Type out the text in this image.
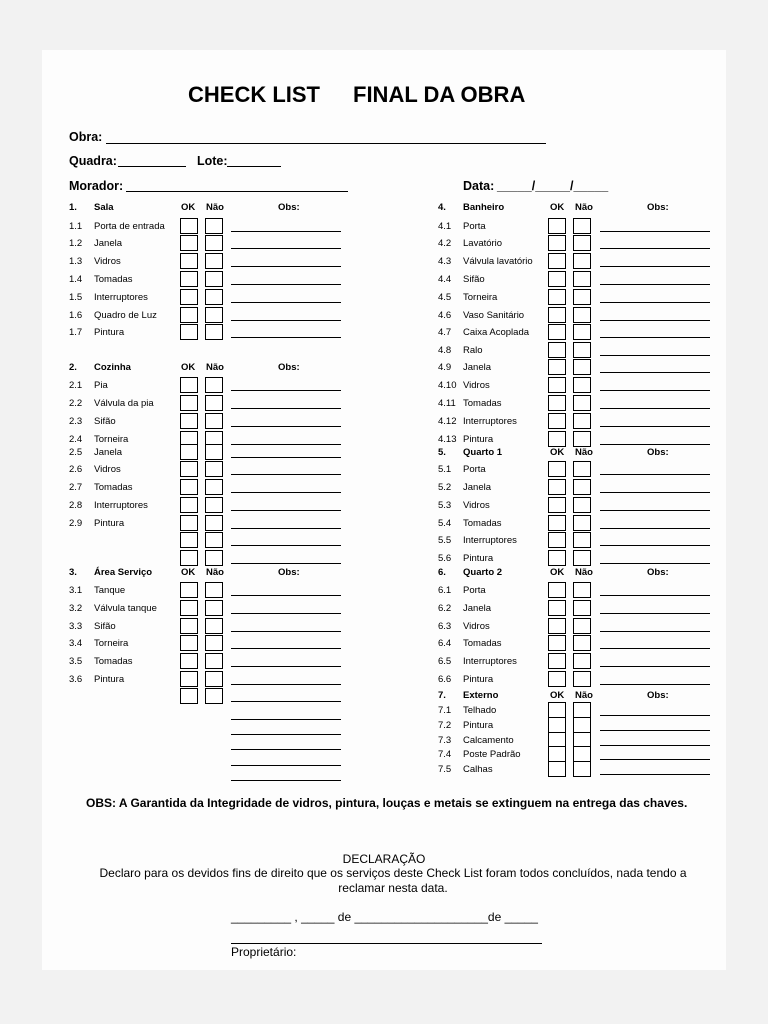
CHECK LIST FINAL DA OBRA
Obra:
Quadra:	Lote:
Morador:	Data: _____/_____/_____
1. Sala	OK Não	Obs:
1.1 Porta de entrada
1.2 Janela
1.3 Vidros
1.4 Tomadas
1.5 Interruptores
1.6 Quadro de Luz
1.7 Pintura
2. Cozinha	OK Não	Obs:
2.1 Pia
2.2 Válvula da pia
2.3 Sifão
2.4 Torneira
2.5 Janela
2.6 Vidros
2.7 Tomadas
2.8 Interruptores
2.9 Pintura
3. Área Serviço	OK Não	Obs:
3.1 Tanque
3.2 Válvula tanque
3.3 Sifão
3.4 Torneira
3.5 Tomadas
3.6 Pintura
4. Banheiro	OK Não	Obs:
4.1 Porta
4.2 Lavatório
4.3 Válvula lavatório
4.4 Sifão
4.5 Torneira
4.6 Vaso Sanitário
4.7 Caixa Acoplada
4.8 Ralo
4.9 Janela
4.10 Vidros
4.11 Tomadas
4.12 Interruptores
4.13 Pintura
5. Quarto 1	OK Não	Obs:
5.1 Porta
5.2 Janela
5.3 Vidros
5.4 Tomadas
5.5 Interruptores
5.6 Pintura
6. Quarto 2	OK Não	Obs:
6.1 Porta
6.2 Janela
6.3 Vidros
6.4 Tomadas
6.5 Interruptores
6.6 Pintura
7. Externo	OK Não	Obs:
7.1 Telhado
7.2 Pintura
7.3 Calcamento
7.4 Poste Padrão
7.5 Calhas
OBS: A Garantida da Integridade de vidros, pintura, louças e metais se extinguem na entrega das chaves.
DECLARAÇÃO
Declaro para os devidos fins de direito que os serviços deste Check List foram todos concluídos, nada tendo a
reclamar nesta data.
_________ , _____ de ____________________de _____
Proprietário:
